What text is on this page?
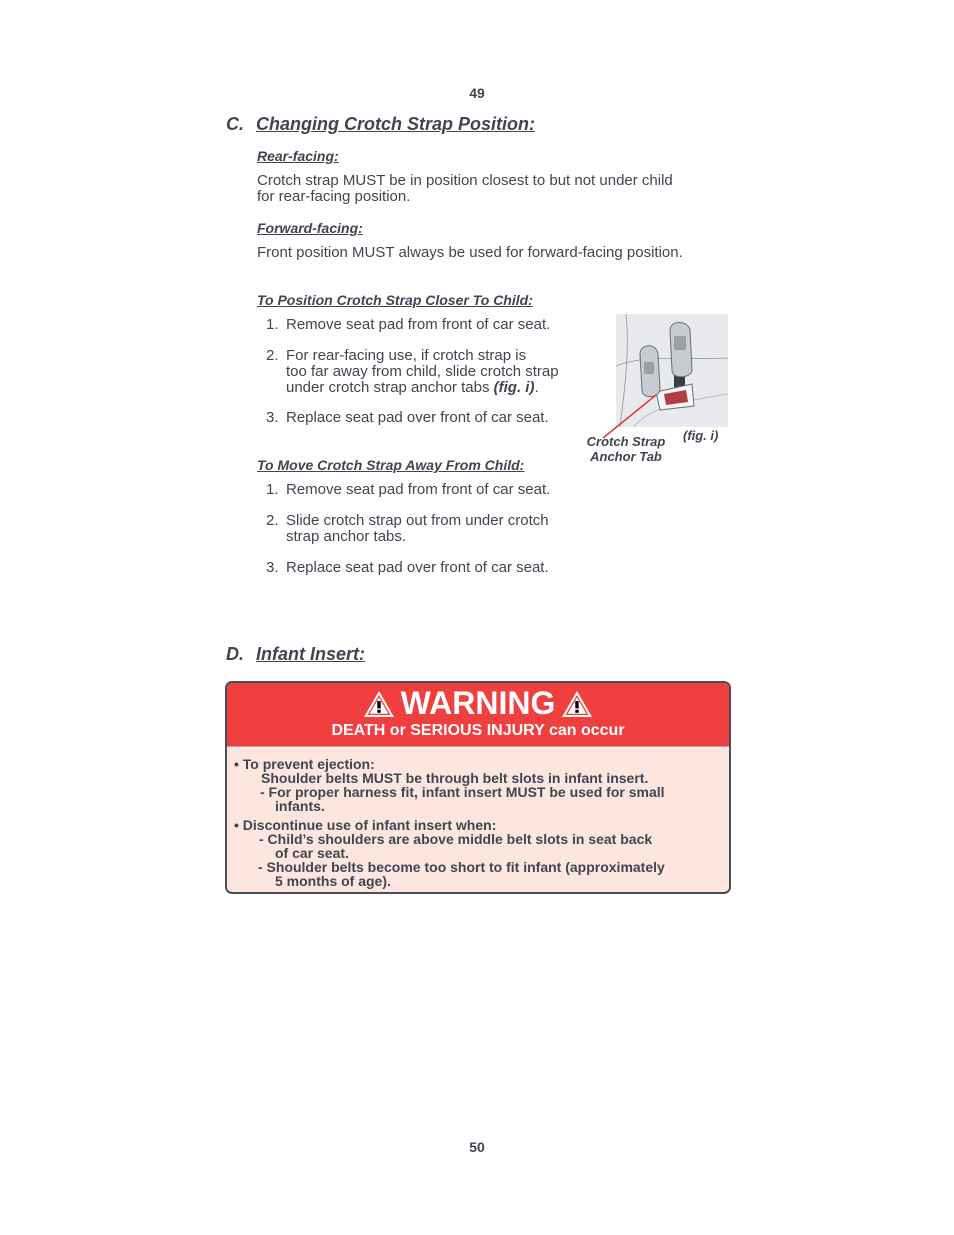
49
C. Changing Crotch Strap Position:
Rear-facing:
Crotch strap MUST be in position closest to but not under child
for rear-facing position.
Forward-facing:
Front position MUST always be used for forward-facing position.
To Position Crotch Strap Closer To Child:
1. Remove seat pad from front of car seat.
2. For rear-facing use, if crotch strap is
too far away from child, slide crotch strap
under crotch strap anchor tabs (fig. i).
3. Replace seat pad over front of car seat.
Crotch Strap
Anchor Tab
(fig. i)
To Move Crotch Strap Away From Child:
1. Remove seat pad from front of car seat.
2. Slide crotch strap out from under crotch
strap anchor tabs.
3. Replace seat pad over front of car seat.
D. Infant Insert:
WARNING
DEATH or SERIOUS INJURY can occur
• To prevent ejection:
Shoulder belts MUST be through belt slots in infant insert.
- For proper harness fit, infant insert MUST be used for small
infants.
• Discontinue use of infant insert when:
- Child’s shoulders are above middle belt slots in seat back
of car seat.
- Shoulder belts become too short to fit infant (approximately
5 months of age).
50
